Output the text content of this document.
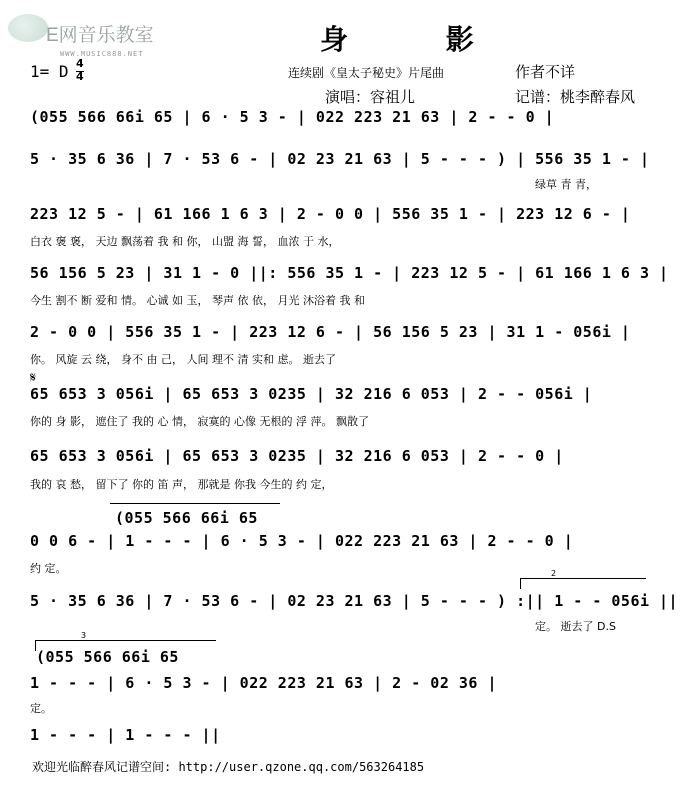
E网音乐教室
WWW.MUSIC888.NET	身 影
1= D 4
4	连续剧《皇太子秘史》片尾曲	作者不详
演唱：容祖儿	记谱：桃李醉春风
(055 566 66i 65 | 6 · 5 3 - | 022 223 21 63 | 2 - - 0 |
5 · 35 6 36 | 7 · 53 6 - | 02 23 21 63 | 5 - - - ) | 556 35 1 - |
绿草 青 青，
223 12 5 - | 61 166 1 6 3 | 2 - 0 0 | 556 35 1 - | 223 12 6 - |
白衣 褒 褒， 天边 飘荡着 我 和 你， 山盟 海 誓， 血浓 于 水，
56 156 5 23 | 31 1 - 0 ||: 556 35 1 - | 223 12 5 - | 61 166 1 6 3 |
今生 割不 断 爱和 情。 心诚 如 玉， 琴声 依 依， 月光 沐浴着 我 和
2 - 0 0 | 556 35 1 - | 223 12 6 - | 56 156 5 23 | 31 1 - 056i |
你。 风旋 云 绕， 身不 由 己， 人间 理不 清 实和 虑。 逝去了
𝄋
65 653 3 056i | 65 653 3 0235 | 32 216 6 053 | 2 - - 056i |
你的 身 影， 遮住了 我的 心 情， 寂寞的 心像 无根的 浮 萍。 飘散了
65 653 3 056i | 65 653 3 0235 | 32 216 6 053 | 2 - - 0 |
我的 哀 愁， 留下了 你的 笛 声， 那就是 你我 今生的 约 定，
(055 566 66i 65
0 0 6 - | 1 - - - | 6 · 5 3 - | 022 223 21 63 | 2 - - 0 |
约 定。	2
5 · 35 6 36 | 7 · 53 6 - | 02 23 21 63 | 5 - - - ) :|| 1 - - 056i ||
定。 逝去了 D.S
3
(055 566 66i 65
1 - - - | 6 · 5 3 - | 022 223 21 63 | 2 - 02 36 |
定。
1 - - - | 1 - - - ||
欢迎光临醉春风记谱空间: http://user.qzone.qq.com/563264185
